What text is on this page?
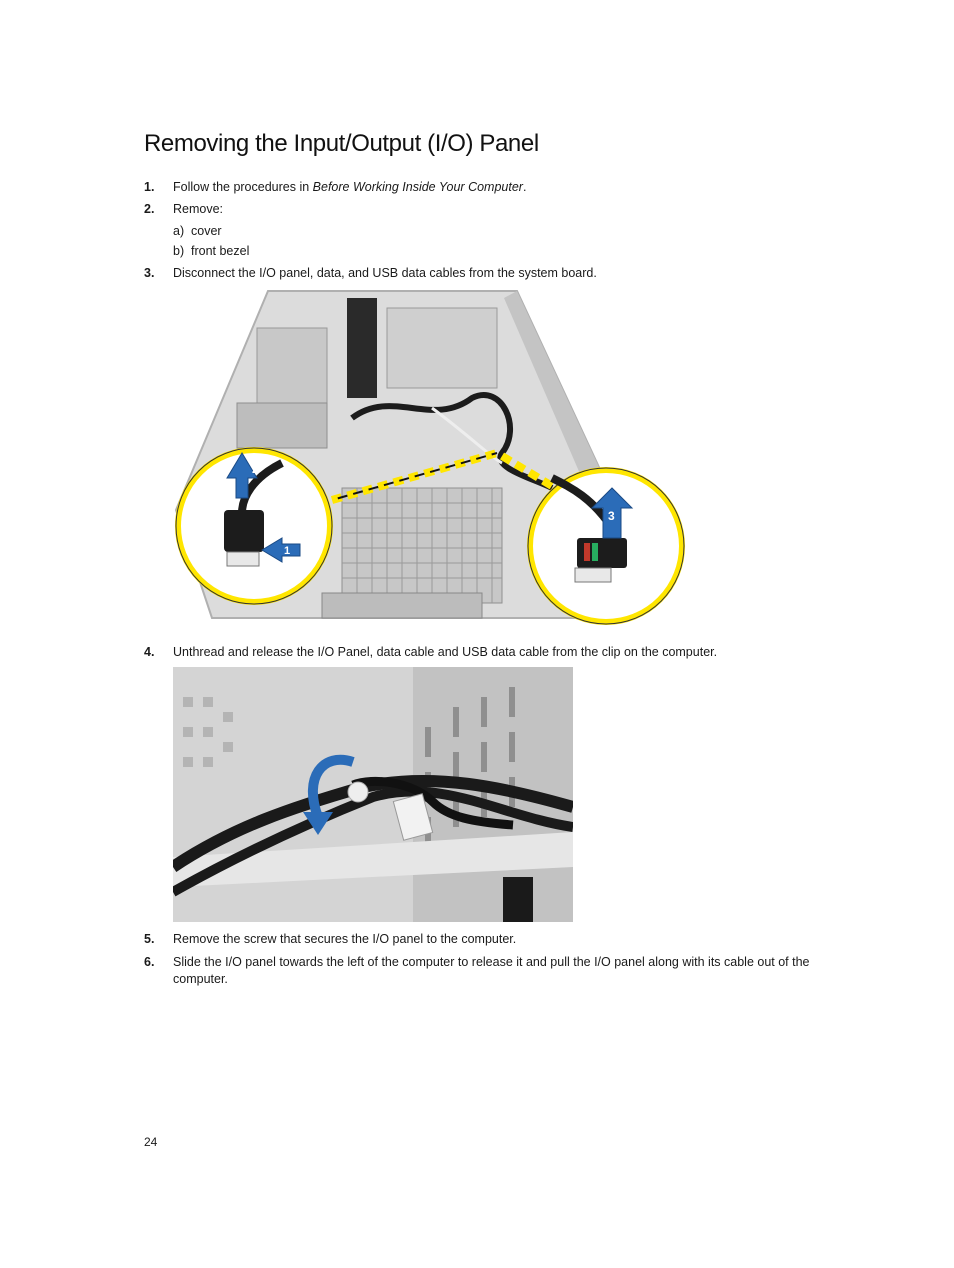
Removing the Input/Output (I/O) Panel
1.	Follow the procedures in Before Working Inside Your Computer.
2.	Remove:
a) cover
b) front bezel
3.	Disconnect the I/O panel, data, and USB data cables from the system board.
2
1
3
4.	Unthread and release the I/O Panel, data cable and USB data cable from the clip on the computer.
5.	Remove the screw that secures the I/O panel to the computer.
6.	Slide the I/O panel towards the left of the computer to release it and pull the I/O panel along with its cable out of the computer.
24
